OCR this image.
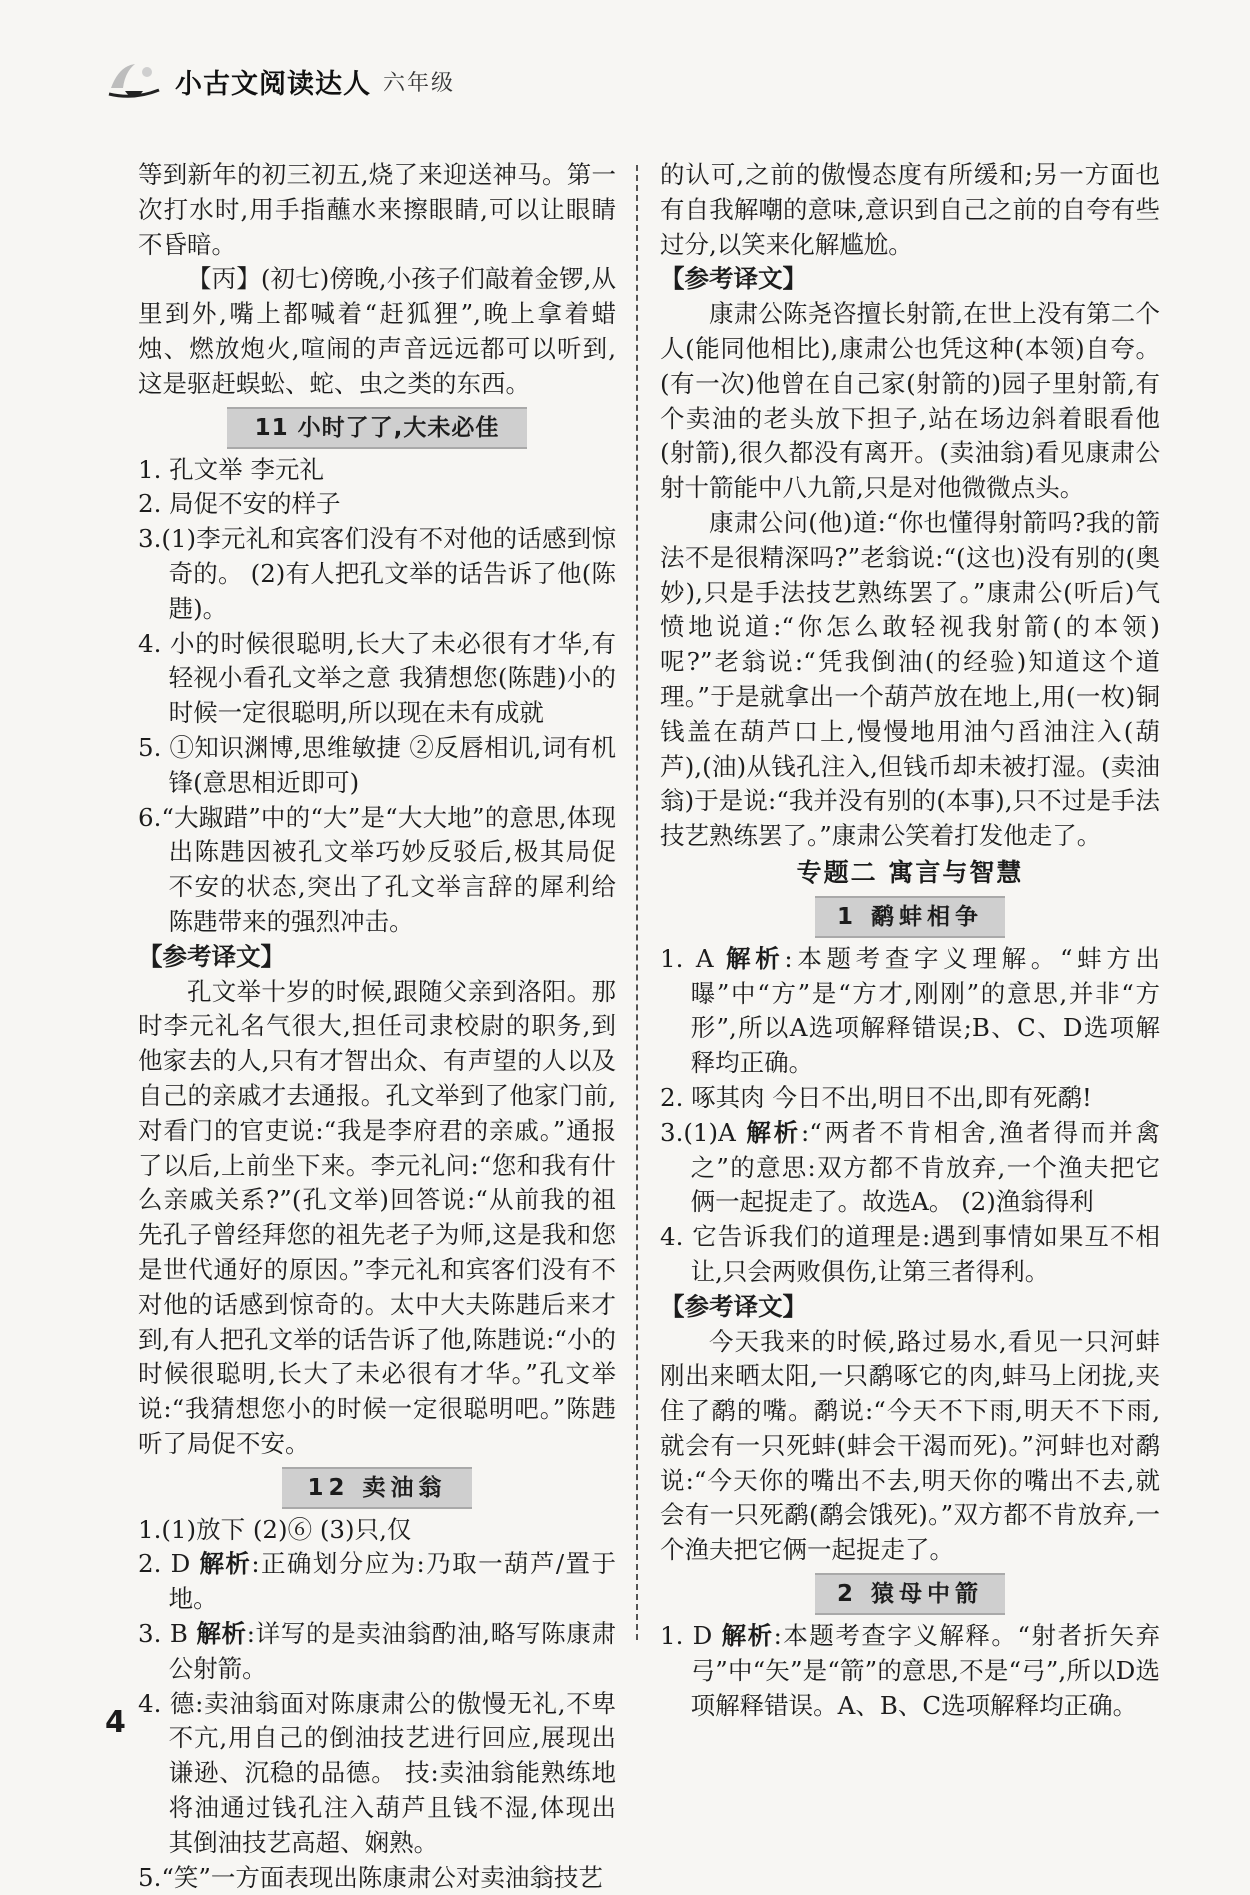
小古文阅读达人 六年级

等到新年的初三初五,烧了来迎送神马。第一次打水时,用手指蘸水来擦眼睛,可以让眼睛不昏暗。

【丙】(初七)傍晚,小孩子们敲着金锣,从里到外,嘴上都喊着“赶狐狸”,晚上拿着蜡烛、燃放炮火,喧闹的声音远远都可以听到,这是驱赶蜈蚣、蛇、虫之类的东西。

11 小时了了,大未必佳

1. 孔文举 李元礼

2. 局促不安的样子

3.(1)李元礼和宾客们没有不对他的话感到惊奇的。 (2)有人把孔文举的话告诉了他(陈韪)。

4. 小的时候很聪明,长大了未必很有才华,有轻视小看孔文举之意 我猜想您(陈韪)小的时候一定很聪明,所以现在未有成就

5. ①知识渊博,思维敏捷 ②反唇相讥,词有机锋(意思相近即可)

6.“大踧踖”中的“大”是“大大地”的意思,体现出陈韪因被孔文举巧妙反驳后,极其局促不安的状态,突出了孔文举言辞的犀利给陈韪带来的强烈冲击。

【参考译文】

孔文举十岁的时候,跟随父亲到洛阳。那时李元礼名气很大,担任司隶校尉的职务,到他家去的人,只有才智出众、有声望的人以及自己的亲戚才去通报。孔文举到了他家门前,对看门的官吏说:“我是李府君的亲戚。”通报了以后,上前坐下来。李元礼问:“您和我有什么亲戚关系?”(孔文举)回答说:“从前我的祖先孔子曾经拜您的祖先老子为师,这是我和您是世代通好的原因。”李元礼和宾客们没有不对他的话感到惊奇的。太中大夫陈韪后来才到,有人把孔文举的话告诉了他,陈韪说:“小的时候很聪明,长大了未必很有才华。”孔文举说:“我猜想您小的时候一定很聪明吧。”陈韪听了局促不安。

12 卖油翁

1.(1)放下 (2)⑥ (3)只,仅

2. D 解析:正确划分应为:乃取一葫芦/置于地。

3. B 解析:详写的是卖油翁酌油,略写陈康肃公射箭。

4. 德:卖油翁面对陈康肃公的傲慢无礼,不卑不亢,用自己的倒油技艺进行回应,展现出谦逊、沉稳的品德。 技:卖油翁能熟练地将油通过钱孔注入葫芦且钱不湿,体现出其倒油技艺高超、娴熟。

5.“笑”一方面表现出陈康肃公对卖油翁技艺

的认可,之前的傲慢态度有所缓和;另一方面也有自我解嘲的意味,意识到自己之前的自夸有些过分,以笑来化解尴尬。

【参考译文】

康肃公陈尧咨擅长射箭,在世上没有第二个人(能同他相比),康肃公也凭这种(本领)自夸。(有一次)他曾在自己家(射箭的)园子里射箭,有个卖油的老头放下担子,站在场边斜着眼看他(射箭),很久都没有离开。(卖油翁)看见康肃公射十箭能中八九箭,只是对他微微点头。

康肃公问(他)道:“你也懂得射箭吗?我的箭法不是很精深吗?”老翁说:“(这也)没有别的(奥妙),只是手法技艺熟练罢了。”康肃公(听后)气愤地说道:“你怎么敢轻视我射箭(的本领)呢?”老翁说:“凭我倒油(的经验)知道这个道理。”于是就拿出一个葫芦放在地上,用(一枚)铜钱盖在葫芦口上,慢慢地用油勺舀油注入(葫芦),(油)从钱孔注入,但钱币却未被打湿。(卖油翁)于是说:“我并没有别的(本事),只不过是手法技艺熟练罢了。”康肃公笑着打发他走了。

专题二 寓言与智慧
1 鹬蚌相争

1. A 解析:本题考查字义理解。“蚌方出曝”中“方”是“方才,刚刚”的意思,并非“方形”,所以A选项解释错误;B、C、D选项解释均正确。

2. 啄其肉 今日不出,明日不出,即有死鹬!

3.(1)A 解析:“两者不肯相舍,渔者得而并禽之”的意思:双方都不肯放弃,一个渔夫把它俩一起捉走了。故选A。 (2)渔翁得利

4. 它告诉我们的道理是:遇到事情如果互不相让,只会两败俱伤,让第三者得利。

【参考译文】

今天我来的时候,路过易水,看见一只河蚌刚出来晒太阳,一只鹬啄它的肉,蚌马上闭拢,夹住了鹬的嘴。鹬说:“今天不下雨,明天不下雨,就会有一只死蚌(蚌会干渴而死)。”河蚌也对鹬说:“今天你的嘴出不去,明天你的嘴出不去,就会有一只死鹬(鹬会饿死)。”双方都不肯放弃,一个渔夫把它俩一起捉走了。

2 猿母中箭

1. D 解析:本题考查字义解释。“射者折矢弃弓”中“矢”是“箭”的意思,不是“弓”,所以D选项解释错误。A、B、C选项解释均正确。

4
